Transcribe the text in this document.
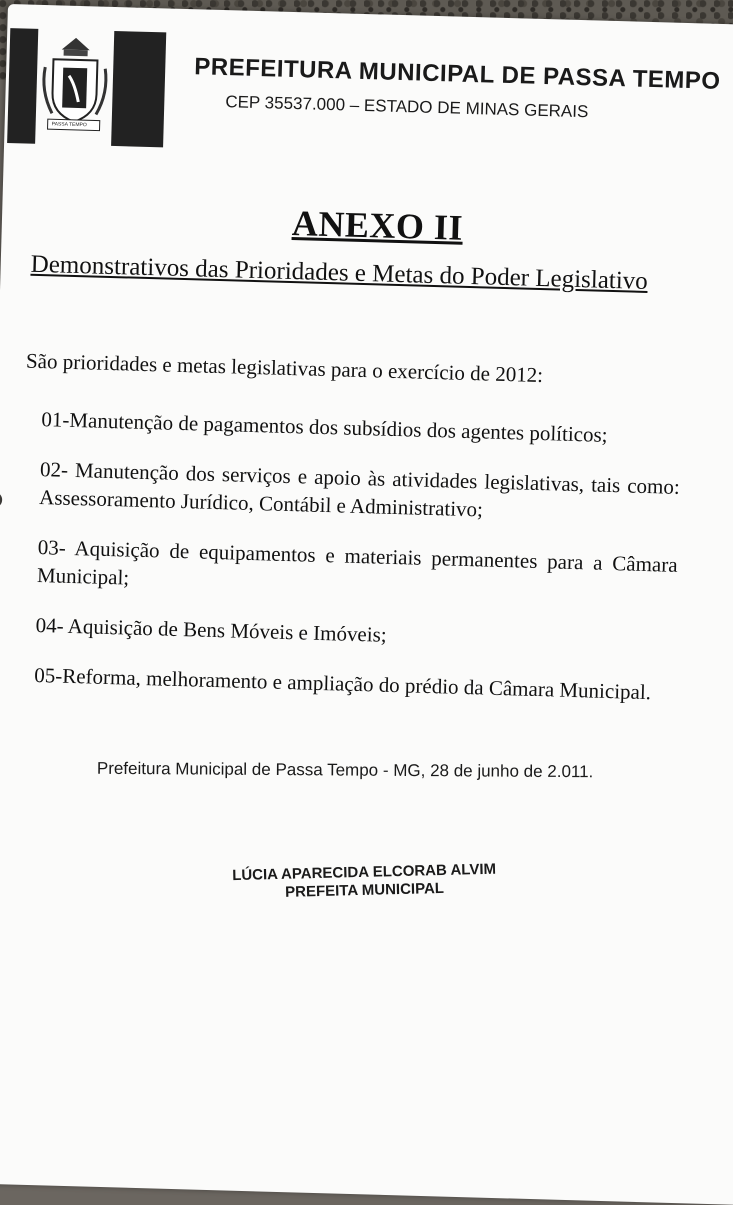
PASSA TEMPO
PREFEITURA MUNICIPAL DE PASSA TEMPO
CEP 35537.000 – ESTADO DE MINAS GERAIS
ANEXO II
Demonstrativos das Prioridades e Metas do Poder Legislativo
São prioridades e metas legislativas para o exercício de 2012:
01-Manutenção de pagamentos dos subsídios dos agentes políticos;
02- Manutenção dos serviços e apoio às atividades legislativas, tais como: Assessoramento Jurídico, Contábil e Administrativo;
03- Aquisição de equipamentos e materiais permanentes para a Câmara Municipal;
04- Aquisição de Bens Móveis e Imóveis;
05-Reforma, melhoramento e ampliação do prédio da Câmara Municipal.
Prefeitura Municipal de Passa Tempo - MG, 28 de junho de 2.011.
LÚCIA APARECIDA ELCORAB ALVIM
PREFEITA MUNICIPAL
